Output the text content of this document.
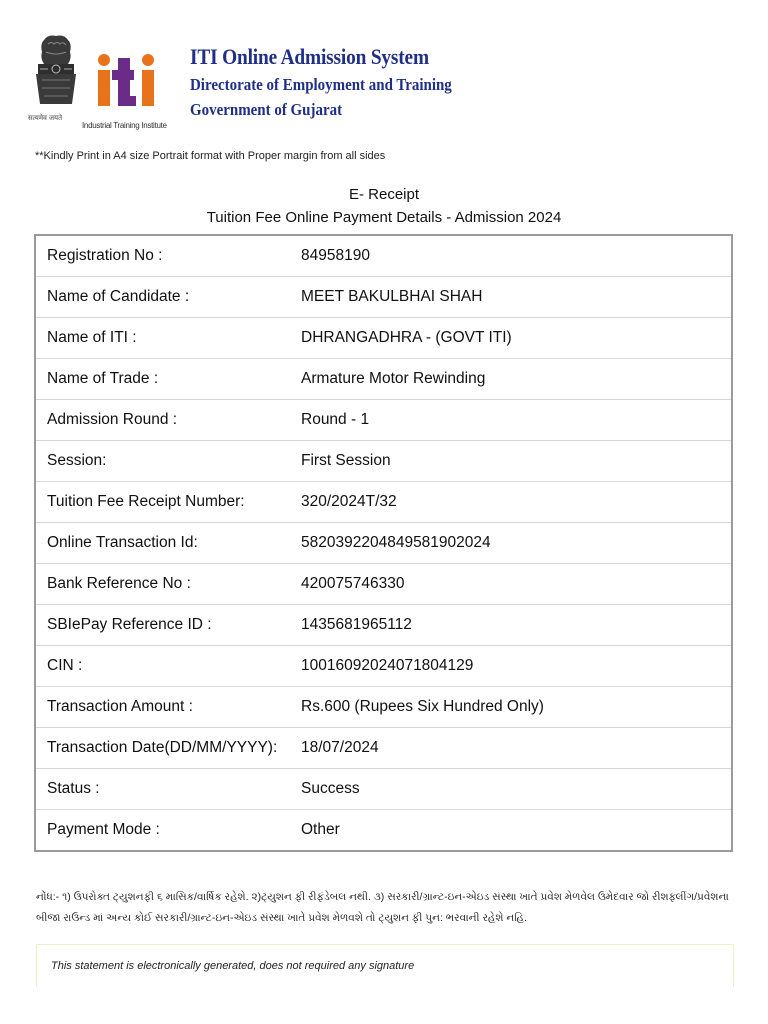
सत्यमेव जयते
Industrial Training Institute
ITI Online Admission System
Directorate of Employment and Training
Government of Gujarat
**Kindly Print in A4 size Portrait format with Proper margin from all sides
E- Receipt
Tuition Fee Online Payment Details - Admission 2024
Registration No :	84958190
Name of Candidate :	MEET BAKULBHAI SHAH
Name of ITI :	DHRANGADHRA - (GOVT ITI)
Name of Trade :	Armature Motor Rewinding
Admission Round :	Round - 1
Session:	First Session
Tuition Fee Receipt Number:	320/2024T/32
Online Transaction Id:	5820392204849581902024
Bank Reference No :	420075746330
SBIePay Reference ID :	1435681965112
CIN :	10016092024071804129
Transaction Amount :	Rs.600 (Rupees Six Hundred Only)
Transaction Date(DD/MM/YYYY):	18/07/2024
Status :	Success
Payment Mode :	Other
નોંધ:- ૧) ઉપરોક્ત ટ્યુશનફી ૬ માસિક/વાર્ષિક રહેશે. ૨)ટ્યુશન ફી રીફંડેબલ નથી. ૩) સરકારી/ગ્રાન્ટ-ઇન-એઇડ સંસ્થા ખાતે પ્રવેશ મેળવેલ ઉમેદવાર જો રીશફ્લીંગ/પ્રવેશના બીજા રાઉન્ડ માં અન્ય કોઈ સરકારી/ગ્રાન્ટ-ઇન-એઇડ સંસ્થા ખાતે પ્રવેશ મેળવશે તો ટ્યુશન ફી પુન: ભરવાની રહેશે નહિ.
This statement is electronically generated, does not required any signature
